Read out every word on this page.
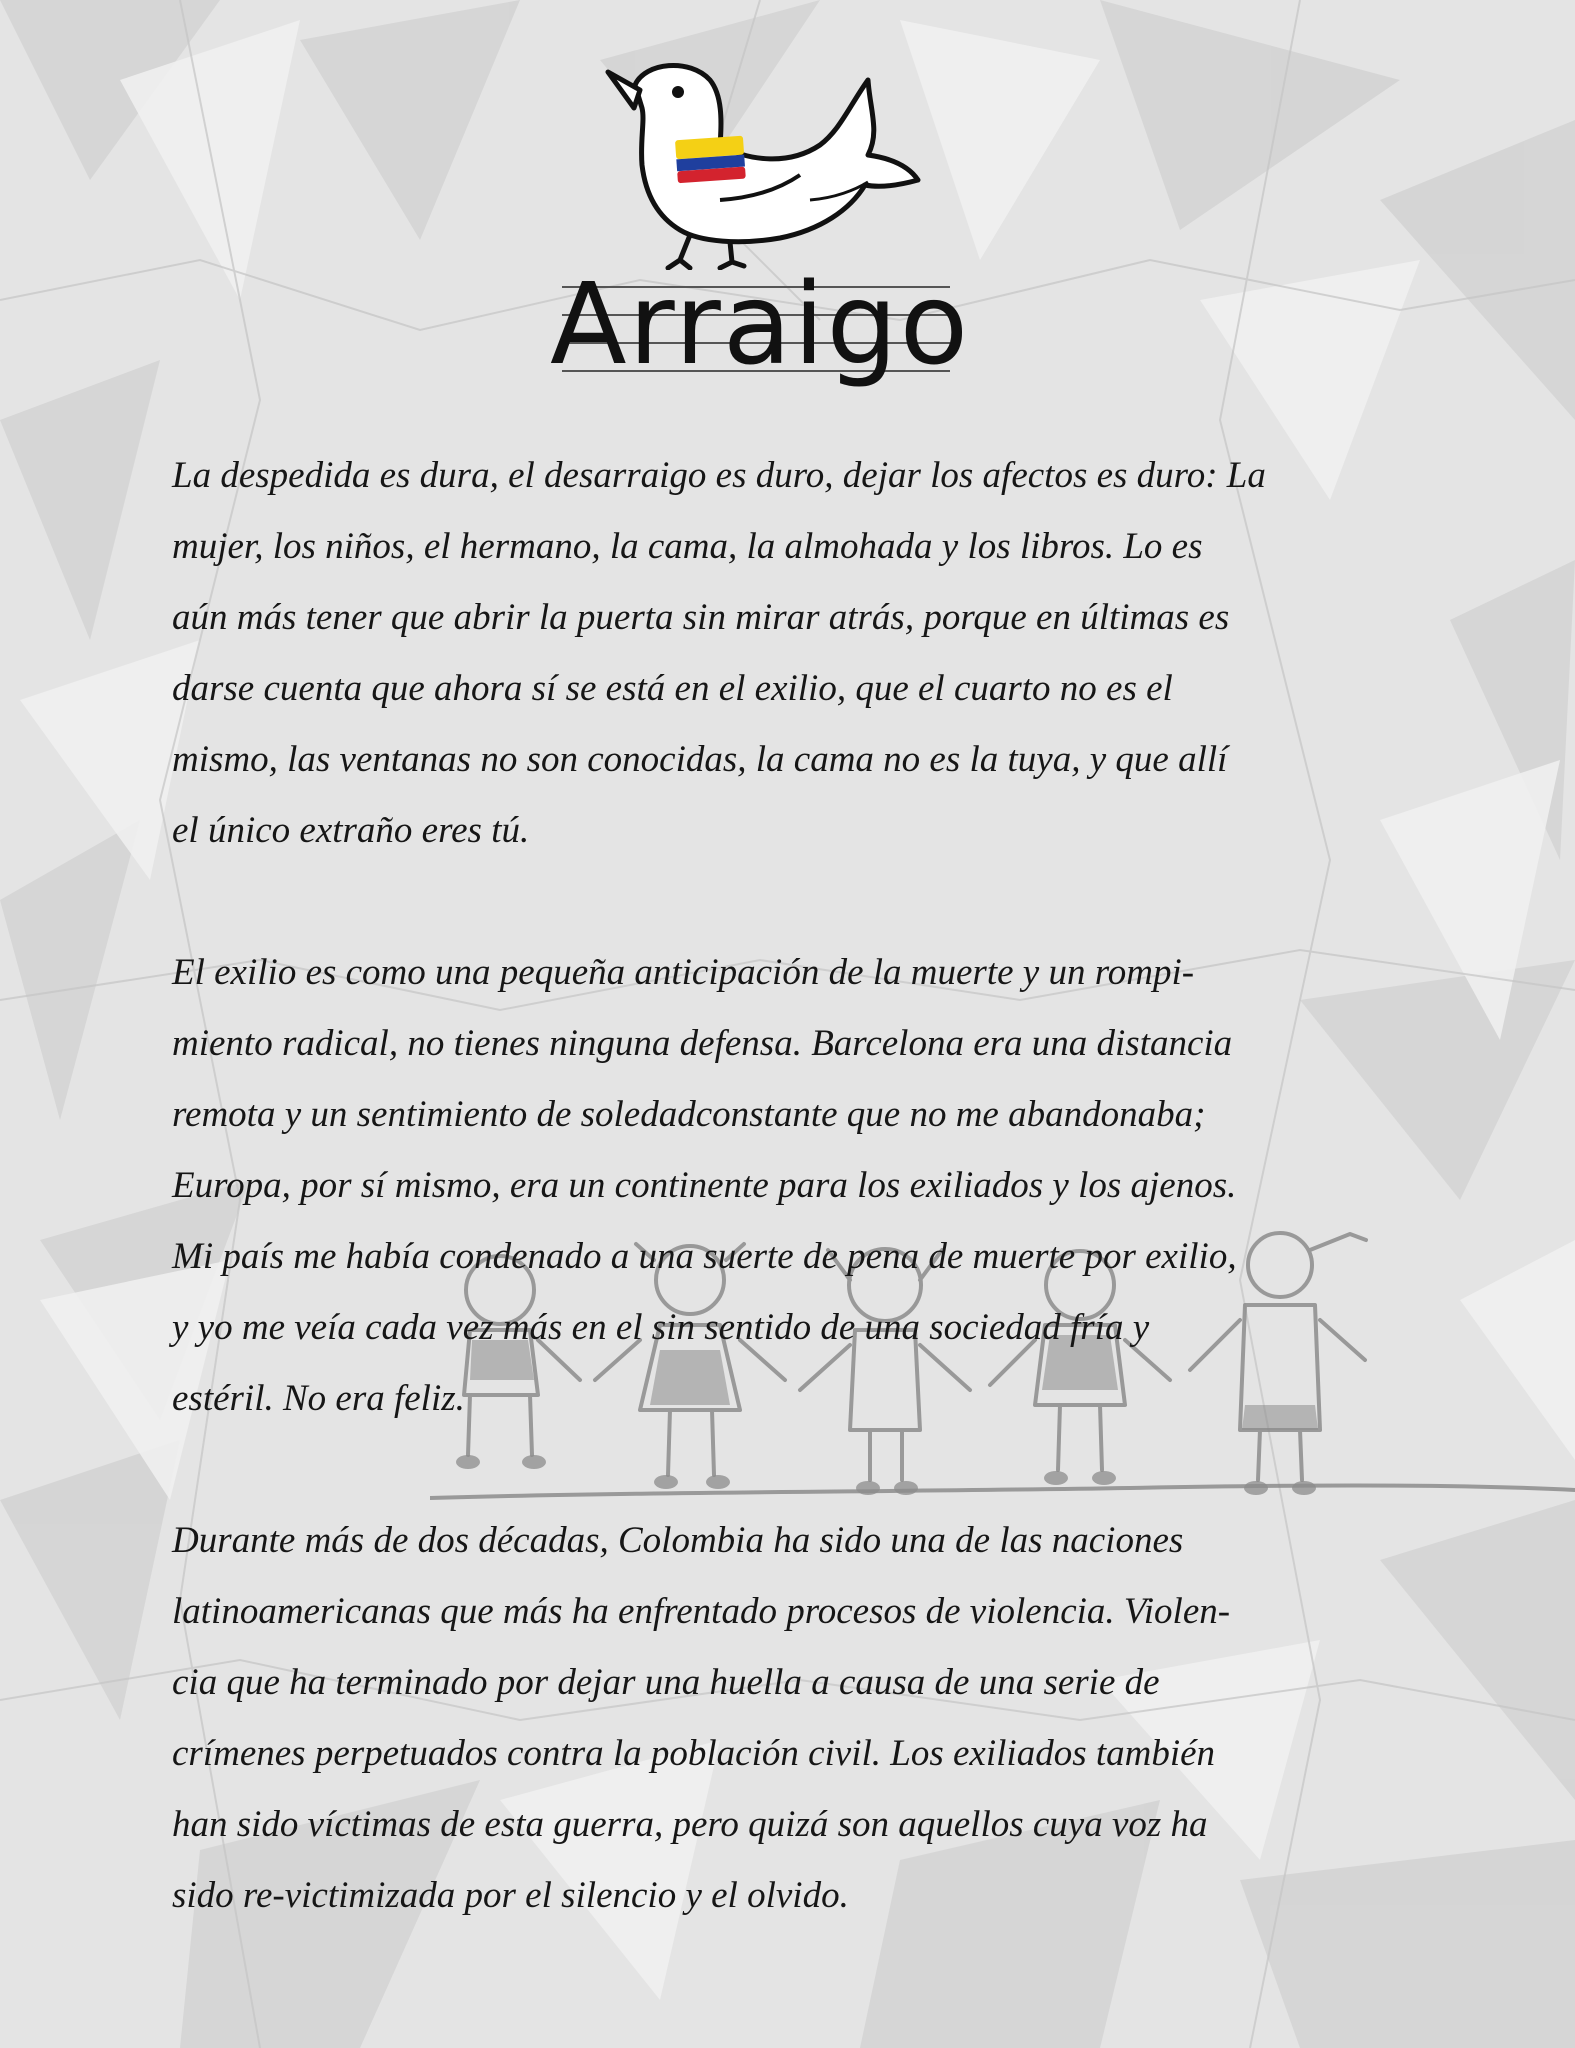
Arraigo

La despedida es dura, el desarraigo es duro, dejar los afectos es duro: La
mujer, los niños, el hermano, la cama, la almohada y los libros. Lo es
aún más tener que abrir la puerta sin mirar atrás, porque en últimas es
darse cuenta que ahora sí se está en el exilio, que el cuarto no es el
mismo, las ventanas no son conocidas, la cama no es la tuya, y que allí
el único extraño eres tú.

El exilio es como una pequeña anticipación de la muerte y un rompi-
miento radical, no tienes ninguna defensa. Barcelona era una distancia
remota y un sentimiento de soledadconstante que no me abandonaba;
Europa, por sí mismo, era un continente para los exiliados y los ajenos.
Mi país me había condenado a una suerte de pena de muerte por exilio,
y yo me veía cada vez más en el sin sentido de una sociedad fría y
estéril. No era feliz.

Durante más de dos décadas, Colombia ha sido una de las naciones
latinoamericanas que más ha enfrentado procesos de violencia. Violen-
cia que ha terminado por dejar una huella a causa de una serie de
crímenes perpetuados contra la población civil. Los exiliados también
han sido víctimas de esta guerra, pero quizá son aquellos cuya voz ha
sido re-victimizada por el silencio y el olvido.
